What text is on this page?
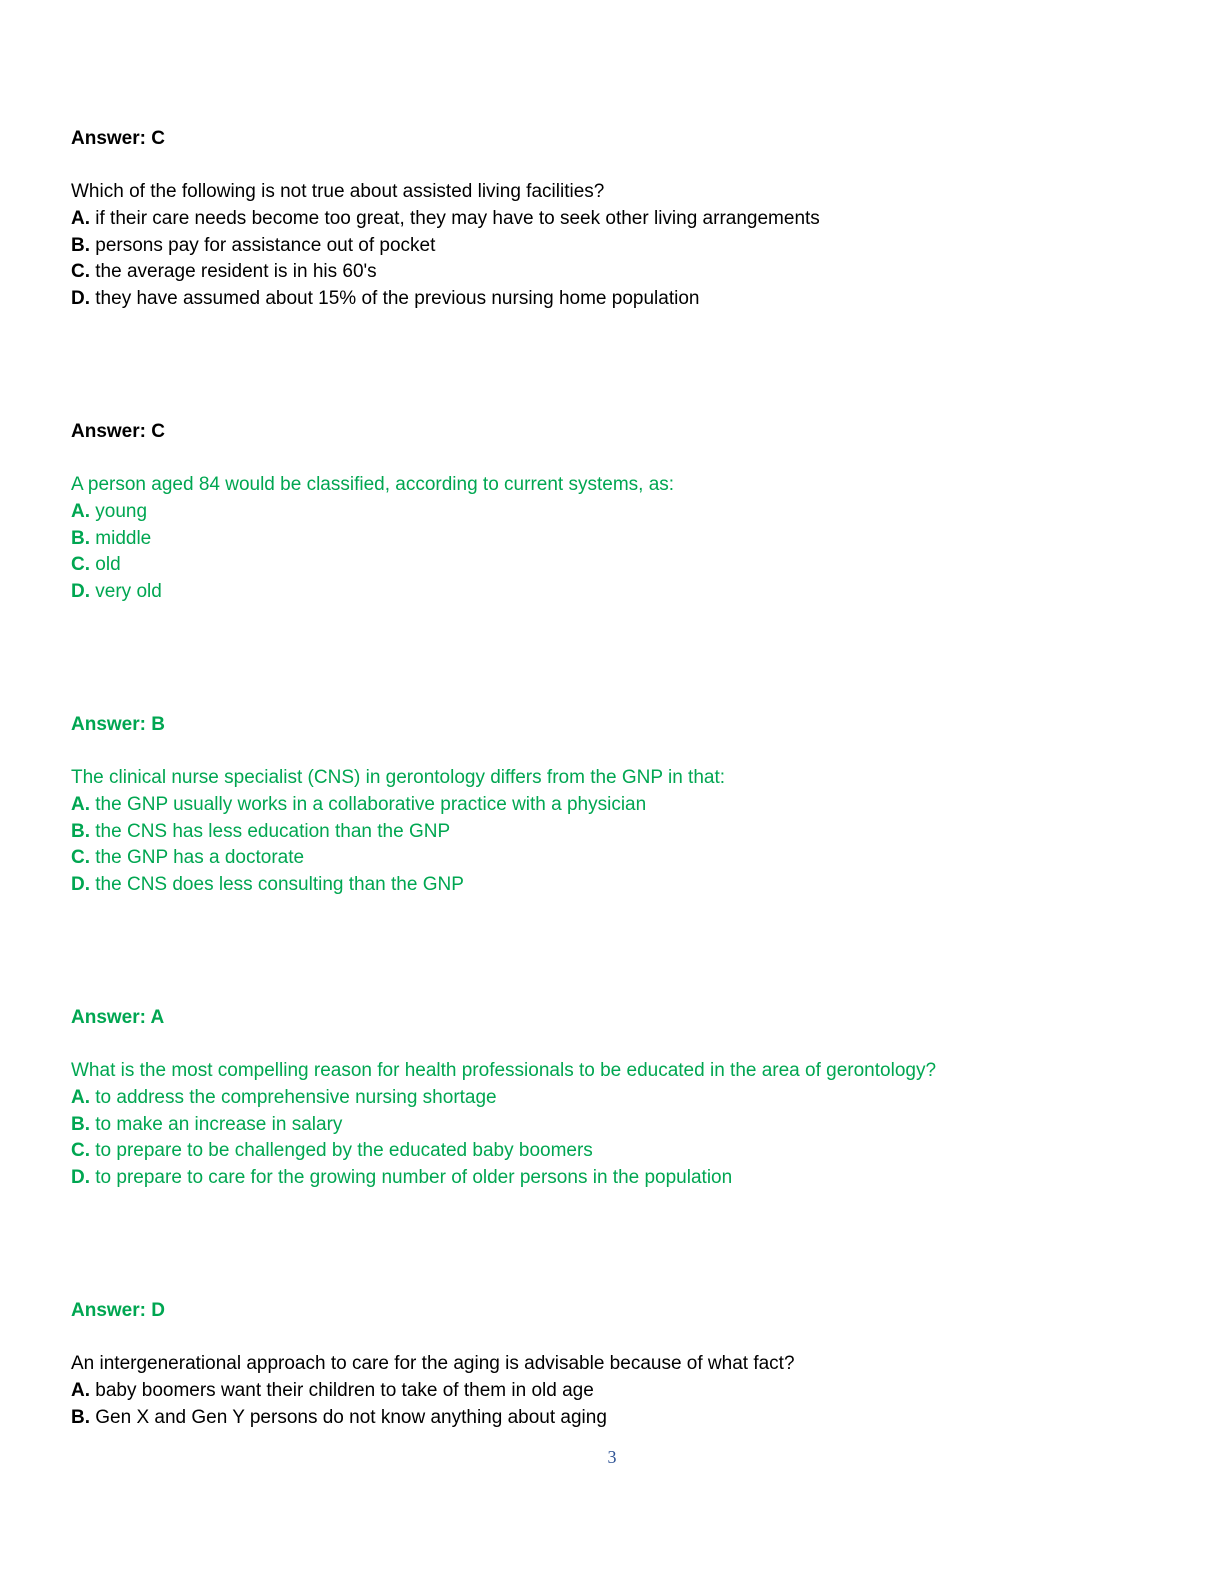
Answer: C

Which of the following is not true about assisted living facilities?

A. if their care needs become too great, they may have to seek other living arrangements

B. persons pay for assistance out of pocket

C. the average resident is in his 60's

D. they have assumed about 15% of the previous nursing home population

Answer: C

A person aged 84 would be classified, according to current systems, as:

A. young

B. middle

C. old

D. very old

Answer: B

The clinical nurse specialist (CNS) in gerontology differs from the GNP in that:

A. the GNP usually works in a collaborative practice with a physician

B. the CNS has less education than the GNP

C. the GNP has a doctorate

D. the CNS does less consulting than the GNP

Answer: A

What is the most compelling reason for health professionals to be educated in the area of gerontology?

A. to address the comprehensive nursing shortage

B. to make an increase in salary

C. to prepare to be challenged by the educated baby boomers

D. to prepare to care for the growing number of older persons in the population

Answer: D

An intergenerational approach to care for the aging is advisable because of what fact?

A. baby boomers want their children to take of them in old age

B. Gen X and Gen Y persons do not know anything about aging

3
